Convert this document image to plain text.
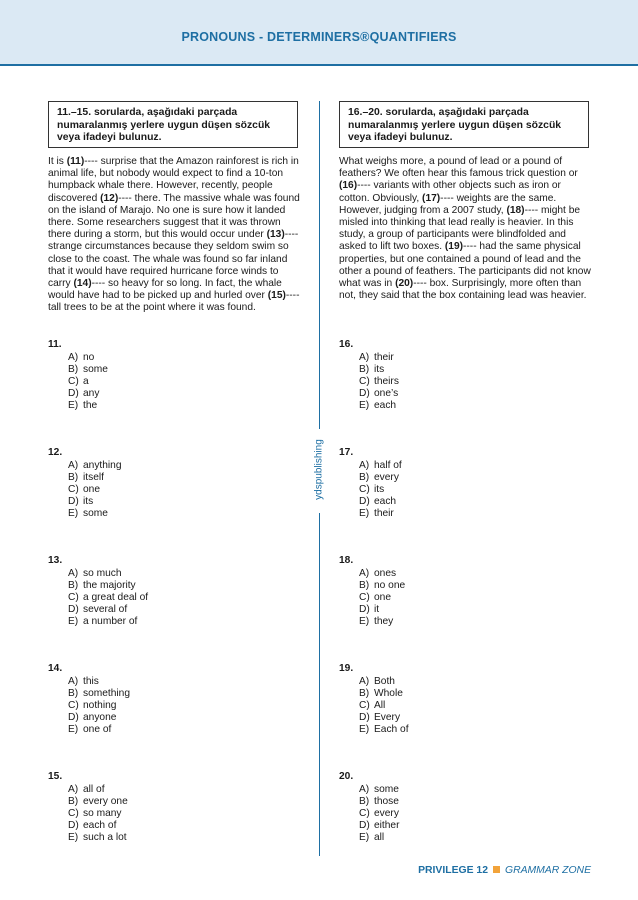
PRONOUNS - DETERMINERS®QUANTIFIERS
11.–15. sorularda, aşağıdaki parçada numaralanmış yerlere uygun düşen sözcük veya ifadeyi bulunuz.
It is (11)---- surprise that the Amazon rainforest is rich in animal life, but nobody would expect to find a 10-ton humpback whale there. However, recently, people discovered (12)---- there. The massive whale was found on the island of Marajo. No one is sure how it landed there. Some researchers suggest that it was thrown there during a storm, but this would occur under (13)---- strange circumstances because they seldom swim so close to the coast. The whale was found so far inland that it would have required hurricane force winds to carry (14)---- so heavy for so long. In fact, the whale would have had to be picked up and hurled over (15)---- tall trees to be at the point where it was found.
16.–20. sorularda, aşağıdaki parçada numaralanmış yerlere uygun düşen sözcük veya ifadeyi bulunuz.
What weighs more, a pound of lead or a pound of feathers? We often hear this famous trick question or (16)---- variants with other objects such as iron or cotton. Obviously, (17)---- weights are the same. However, judging from a 2007 study, (18)---- might be misled into thinking that lead really is heavier. In this study, a group of participants were blindfolded and asked to lift two boxes. (19)---- had the same physical properties, but one contained a pound of lead and the other a pound of feathers. The participants did not know what was in (20)---- box. Surprisingly, more often than not, they said that the box containing lead was heavier.
ydspublishing
11.
A) no
B) some
C) a
D) any
E) the
12.
A) anything
B) itself
C) one
D) its
E) some
13.
A) so much
B) the majority
C) a great deal of
D) several of
E) a number of
14.
A) this
B) something
C) nothing
D) anyone
E) one of
15.
A) all of
B) every one
C) so many
D) each of
E) such a lot
16.
A) their
B) its
C) theirs
D) one’s
E) each
17.
A) half of
B) every
C) its
D) each
E) their
18.
A) ones
B) no one
C) one
D) it
E) they
19.
A) Both
B) Whole
C) All
D) Every
E) Each of
20.
A) some
B) those
C) every
D) either
E) all
PRIVILEGE 12 GRAMMAR ZONE
